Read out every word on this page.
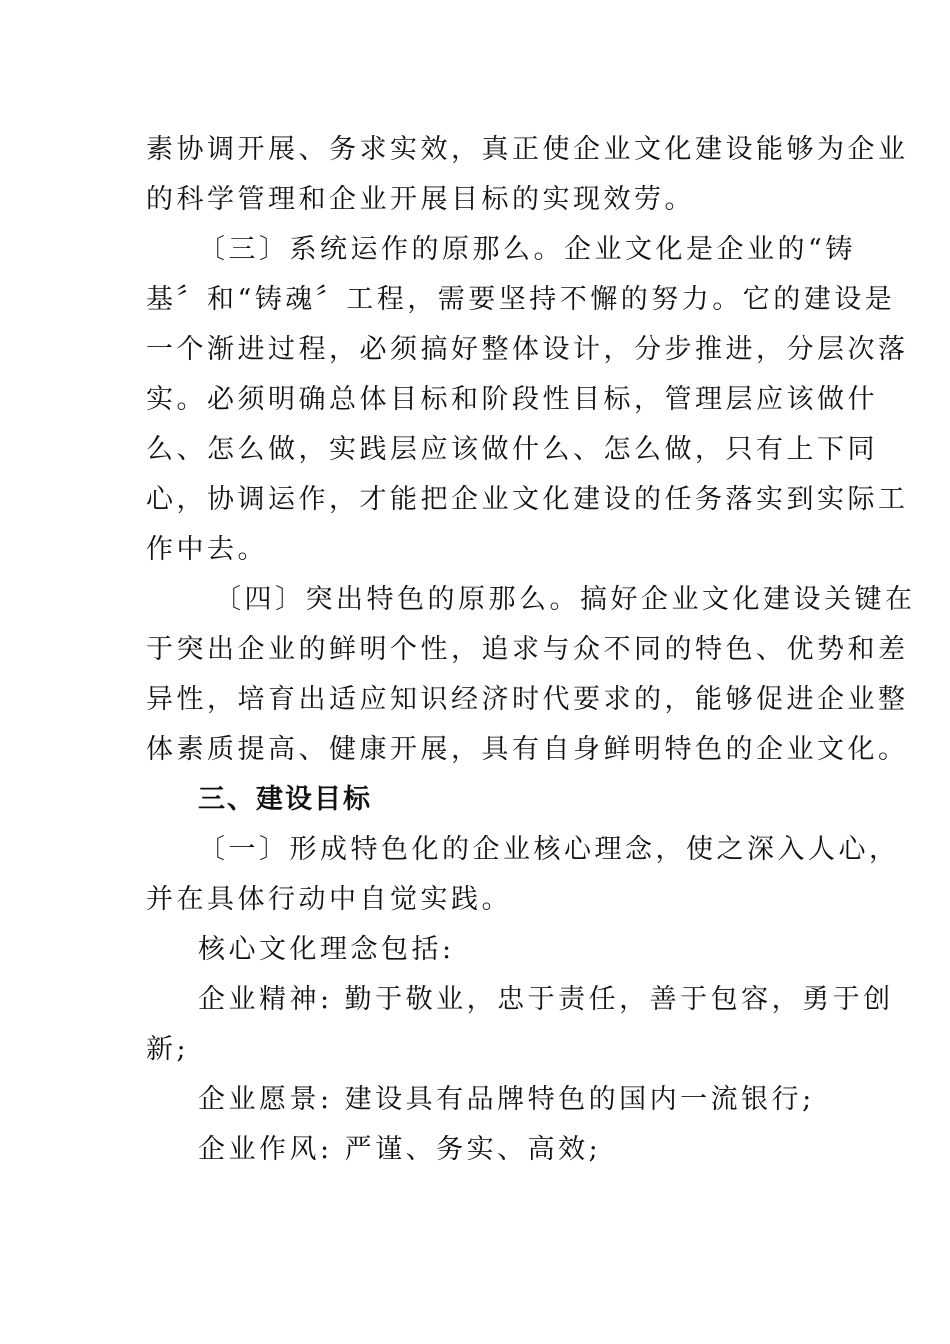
素协调开展、务求实效，真正使企业文化建设能够为企业
的科学管理和企业开展目标的实现效劳。
〔三〕系统运作的原那么。企业文化是企业的“铸
基〞和“铸魂〞工程，需要坚持不懈的努力。它的建设是
一个渐进过程，必须搞好整体设计，分步推进，分层次落
实。必须明确总体目标和阶段性目标，管理层应该做什
么、怎么做，实践层应该做什么、怎么做，只有上下同
心，协调运作，才能把企业文化建设的任务落实到实际工
作中去。
〔四〕突出特色的原那么。搞好企业文化建设关键在
于突出企业的鲜明个性，追求与众不同的特色、优势和差
异性，培育出适应知识经济时代要求的，能够促进企业整
体素质提高、健康开展，具有自身鲜明特色的企业文化。
三、建设目标
〔一〕形成特色化的企业核心理念，使之深入人心，
并在具体行动中自觉实践。
核心文化理念包括:
企业精神: 勤于敬业，忠于责任，善于包容，勇于创
新;
企业愿景: 建设具有品牌特色的国内一流银行;
企业作风: 严谨、务实、高效;
